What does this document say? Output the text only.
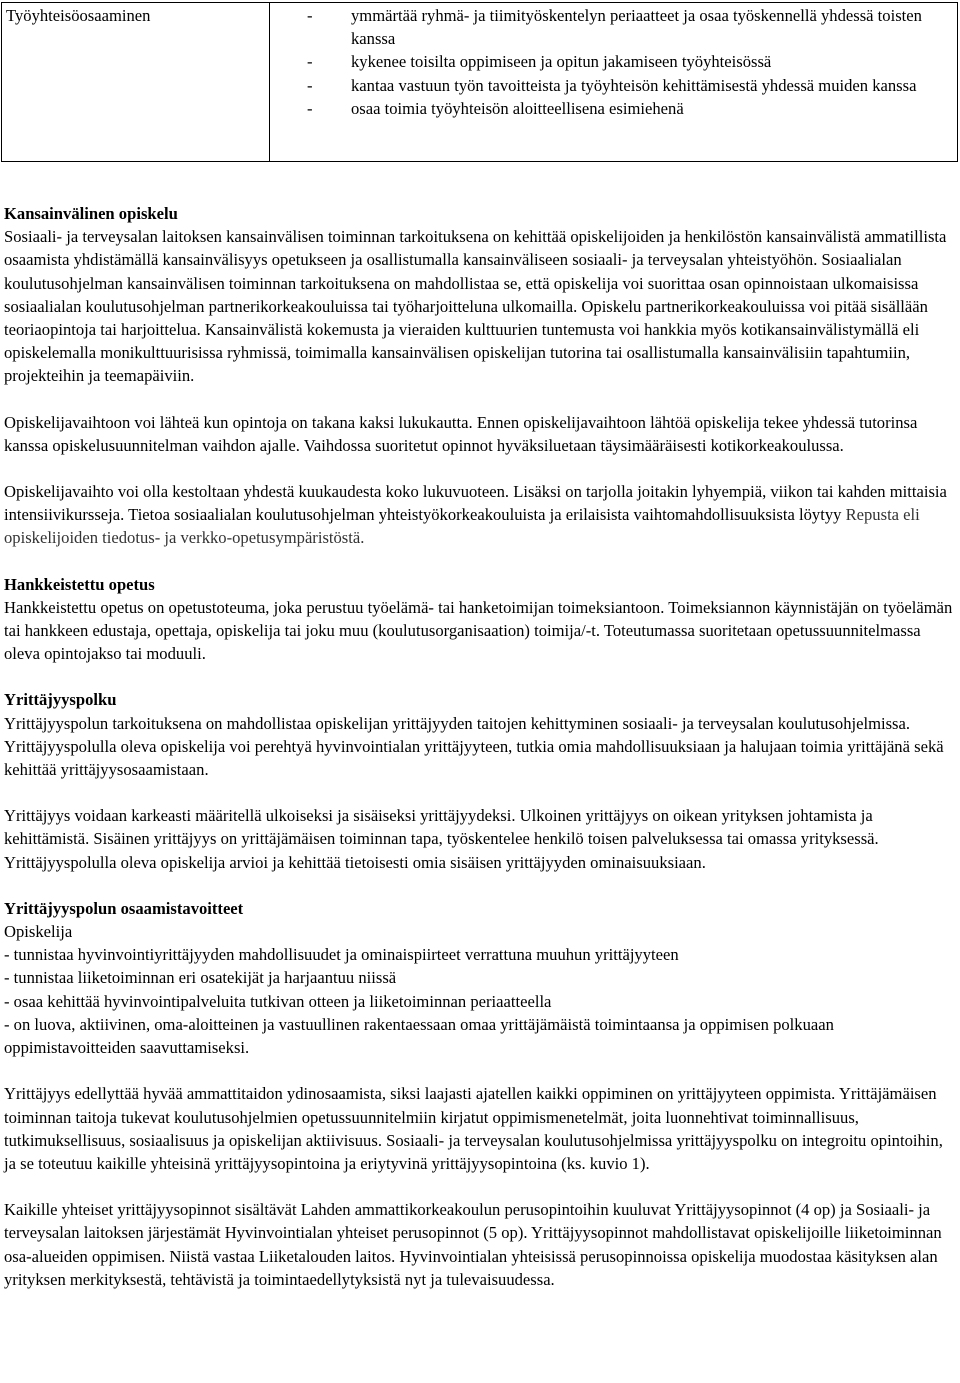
Työyhteisöosaaminen	
-ymmärtää ryhmä- ja tiimityöskentelyn periaatteet ja osaa työskennellä yhdessä toisten kanssa
- kykenee toisilta oppimiseen ja opitun jakamiseen työyhteisössä
- kantaa vastuun työn tavoitteista ja työyhteisön kehittämisestä yhdessä muiden kanssa
- osaa toimia työyhteisön aloitteellisena esimiehenä

Kansainvälinen opiskelu

Sosiaali- ja terveysalan laitoksen kansainvälisen toiminnan tarkoituksena on kehittää opiskelijoiden ja henkilöstön kansainvälistä ammatillista osaamista yhdistämällä kansainvälisyys opetukseen ja osallistumalla kansainväliseen sosiaali- ja terveysalan yhteistyöhön. Sosiaalialan koulutusohjelman kansainvälisen toiminnan tarkoituksena on mahdollistaa se, että opiskelija voi suorittaa osan opinnoistaan ulkomaisissa sosiaalialan koulutusohjelman partnerikorkeakouluissa tai työharjoitteluna ulkomailla. Opiskelu partnerikorkeakouluissa voi pitää sisällään teoriaopintoja tai harjoittelua. Kansainvälistä kokemusta ja vieraiden kulttuurien tuntemusta voi hankkia myös kotikansainvälistymällä eli opiskelemalla monikulttuurisissa ryhmissä, toimimalla kansainvälisen opiskelijan tutorina tai osallistumalla kansainvälisiin tapahtumiin, projekteihin ja teemapäiviin.

Opiskelijavaihtoon voi lähteä kun opintoja on takana kaksi lukukautta. Ennen opiskelijavaihtoon lähtöä opiskelija tekee yhdessä tutorinsa kanssa opiskelusuunnitelman vaihdon ajalle. Vaihdossa suoritetut opinnot hyväksiluetaan täysimääräisesti kotikorkeakoulussa.

Opiskelijavaihto voi olla kestoltaan yhdestä kuukaudesta koko lukuvuoteen. Lisäksi on tarjolla joitakin lyhyempiä, viikon tai kahden mittaisia intensiivikursseja. Tietoa sosiaalialan koulutusohjelman yhteistyökorkeakouluista ja erilaisista vaihtomahdollisuuksista löytyy Repusta eli opiskelijoiden tiedotus- ja verkko-opetusympäristöstä.

Hankkeistettu opetus

Hankkeistettu opetus on opetustoteuma, joka perustuu työelämä- tai hanketoimijan toimeksiantoon. Toimeksiannon käynnistäjän on työelämän tai hankkeen edustaja, opettaja, opiskelija tai joku muu (koulutusorganisaation) toimija/-t. Toteutumassa suoritetaan opetussuunnitelmassa oleva opintojakso tai moduuli.

Yrittäjyyspolku

Yrittäjyyspolun tarkoituksena on mahdollistaa opiskelijan yrittäjyyden taitojen kehittyminen sosiaali- ja terveysalan koulutusohjelmissa. Yrittäjyyspolulla oleva opiskelija voi perehtyä hyvinvointialan yrittäjyyteen, tutkia omia mahdollisuuksiaan ja halujaan toimia yrittäjänä sekä kehittää yrittäjyysosaamistaan.

Yrittäjyys voidaan karkeasti määritellä ulkoiseksi ja sisäiseksi yrittäjyydeksi. Ulkoinen yrittäjyys on oikean yrityksen johtamista ja kehittämistä. Sisäinen yrittäjyys on yrittäjämäisen toiminnan tapa, työskentelee henkilö toisen palveluksessa tai omassa yrityksessä. Yrittäjyyspolulla oleva opiskelija arvioi ja kehittää tietoisesti omia sisäisen yrittäjyyden ominaisuuksiaan.

Yrittäjyyspolun osaamistavoitteet

Opiskelija

- tunnistaa hyvinvointiyrittäjyyden mahdollisuudet ja ominaispiirteet verrattuna muuhun yrittäjyyteen

- tunnistaa liiketoiminnan eri osatekijät ja harjaantuu niissä

- osaa kehittää hyvinvointipalveluita tutkivan otteen ja liiketoiminnan periaatteella

- on luova, aktiivinen, oma-aloitteinen ja vastuullinen rakentaessaan omaa yrittäjämäistä toimintaansa ja oppimisen polkuaan oppimistavoitteiden saavuttamiseksi.

Yrittäjyys edellyttää hyvää ammattitaidon ydinosaamista, siksi laajasti ajatellen kaikki oppiminen on yrittäjyyteen oppimista. Yrittäjämäisen toiminnan taitoja tukevat koulutusohjelmien opetussuunnitelmiin kirjatut oppimismenetelmät, joita luonnehtivat toiminnallisuus, tutkimuksellisuus, sosiaalisuus ja opiskelijan aktiivisuus. Sosiaali- ja terveysalan koulutusohjelmissa yrittäjyyspolku on integroitu opintoihin, ja se toteutuu kaikille yhteisinä yrittäjyysopintoina ja eriytyvinä yrittäjyysopintoina (ks. kuvio 1).

Kaikille yhteiset yrittäjyysopinnot sisältävät Lahden ammattikorkeakoulun perusopintoihin kuuluvat Yrittäjyysopinnot (4 op) ja Sosiaali- ja terveysalan laitoksen järjestämät Hyvinvointialan yhteiset perusopinnot (5 op). Yrittäjyysopinnot mahdollistavat opiskelijoille liiketoiminnan osa-alueiden oppimisen. Niistä vastaa Liiketalouden laitos. Hyvinvointialan yhteisissä perusopinnoissa opiskelija muodostaa käsityksen alan yrityksen merkityksestä, tehtävistä ja toimintaedellytyksistä nyt ja tulevaisuudessa.
